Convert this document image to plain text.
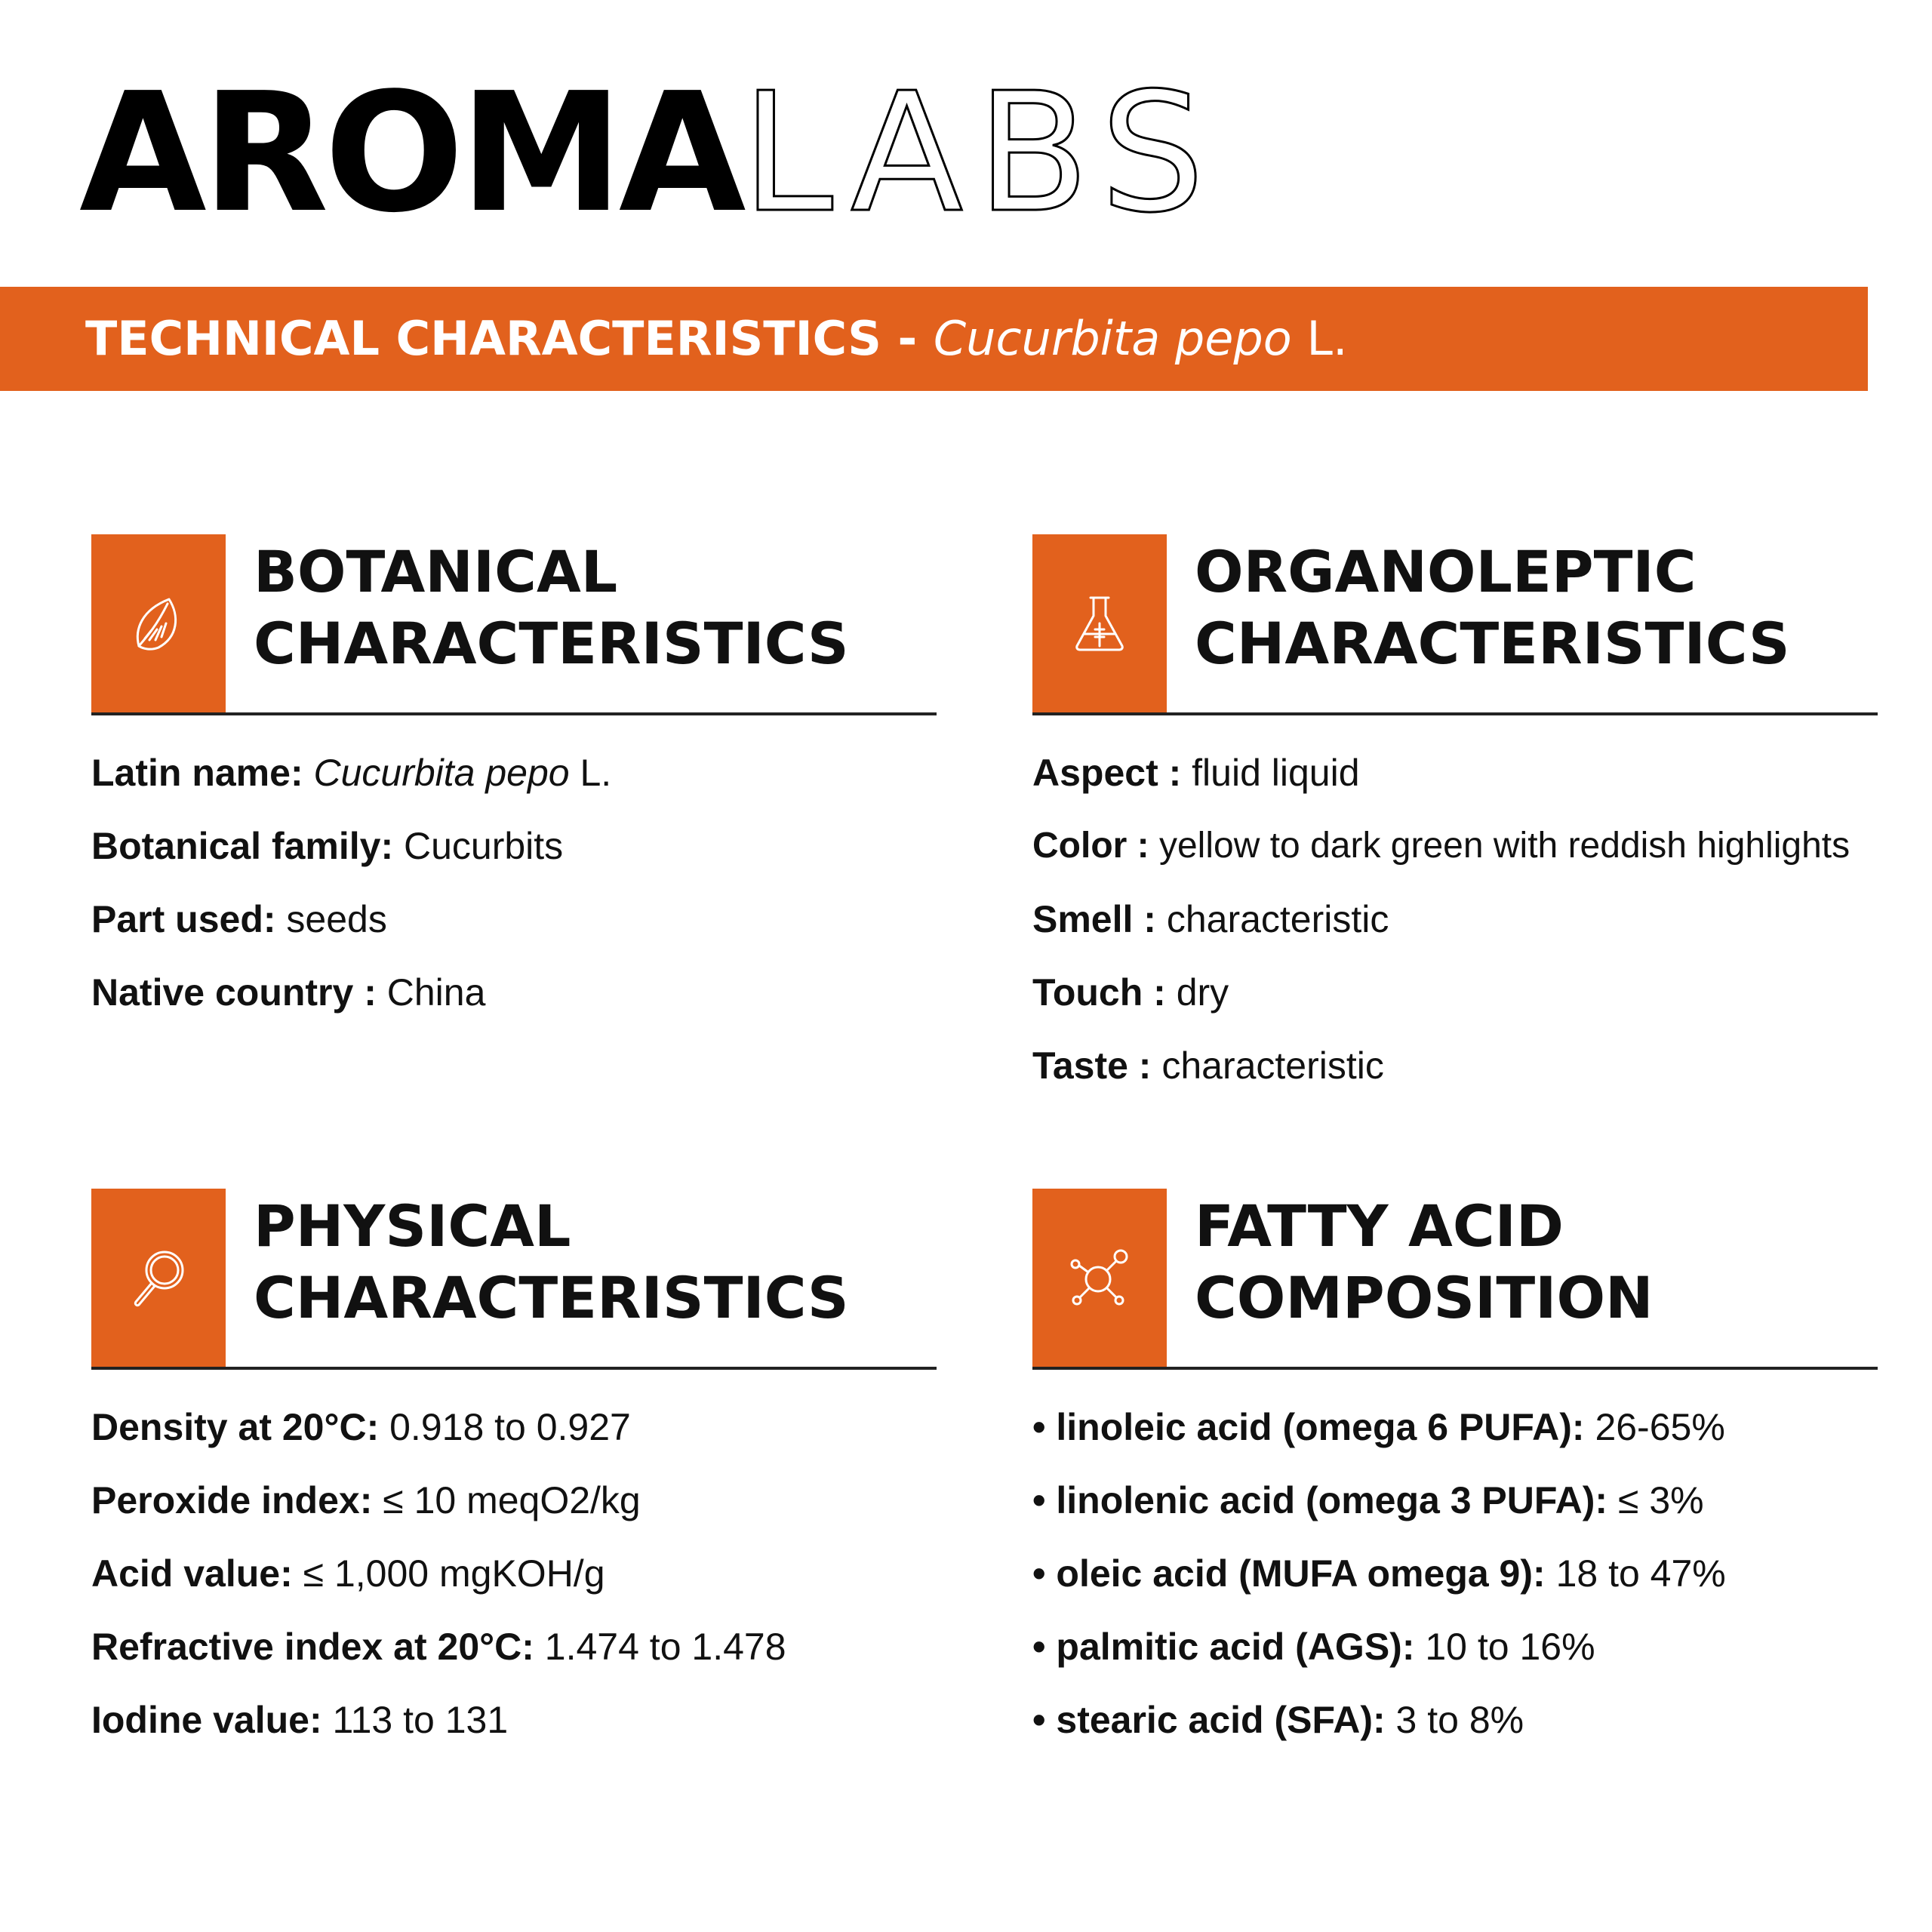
AROMALABS
TECHNICAL CHARACTERISTICS - Cucurbita pepo L.
BOTANICAL
CHARACTERISTICS
Latin name: Cucurbita pepo L.
Botanical family: Cucurbits
Part used: seeds
Native country : China
ORGANOLEPTIC
CHARACTERISTICS
Aspect : fluid liquid
Color : yellow to dark green with reddish highlights
Smell : characteristic
Touch : dry
Taste : characteristic
PHYSICAL
CHARACTERISTICS
Density at 20°C: 0.918 to 0.927
Peroxide index: ≤ 10 meqO2/kg
Acid value: ≤ 1,000 mgKOH/g
Refractive index at 20°C: 1.474 to 1.478
Iodine value: 113 to 131
FATTY ACID
COMPOSITION
• linoleic acid (omega 6 PUFA): 26-65%
• linolenic acid (omega 3 PUFA): ≤ 3%
• oleic acid (MUFA omega 9): 18 to 47%
• palmitic acid (AGS): 10 to 16%
• stearic acid (SFA): 3 to 8%
